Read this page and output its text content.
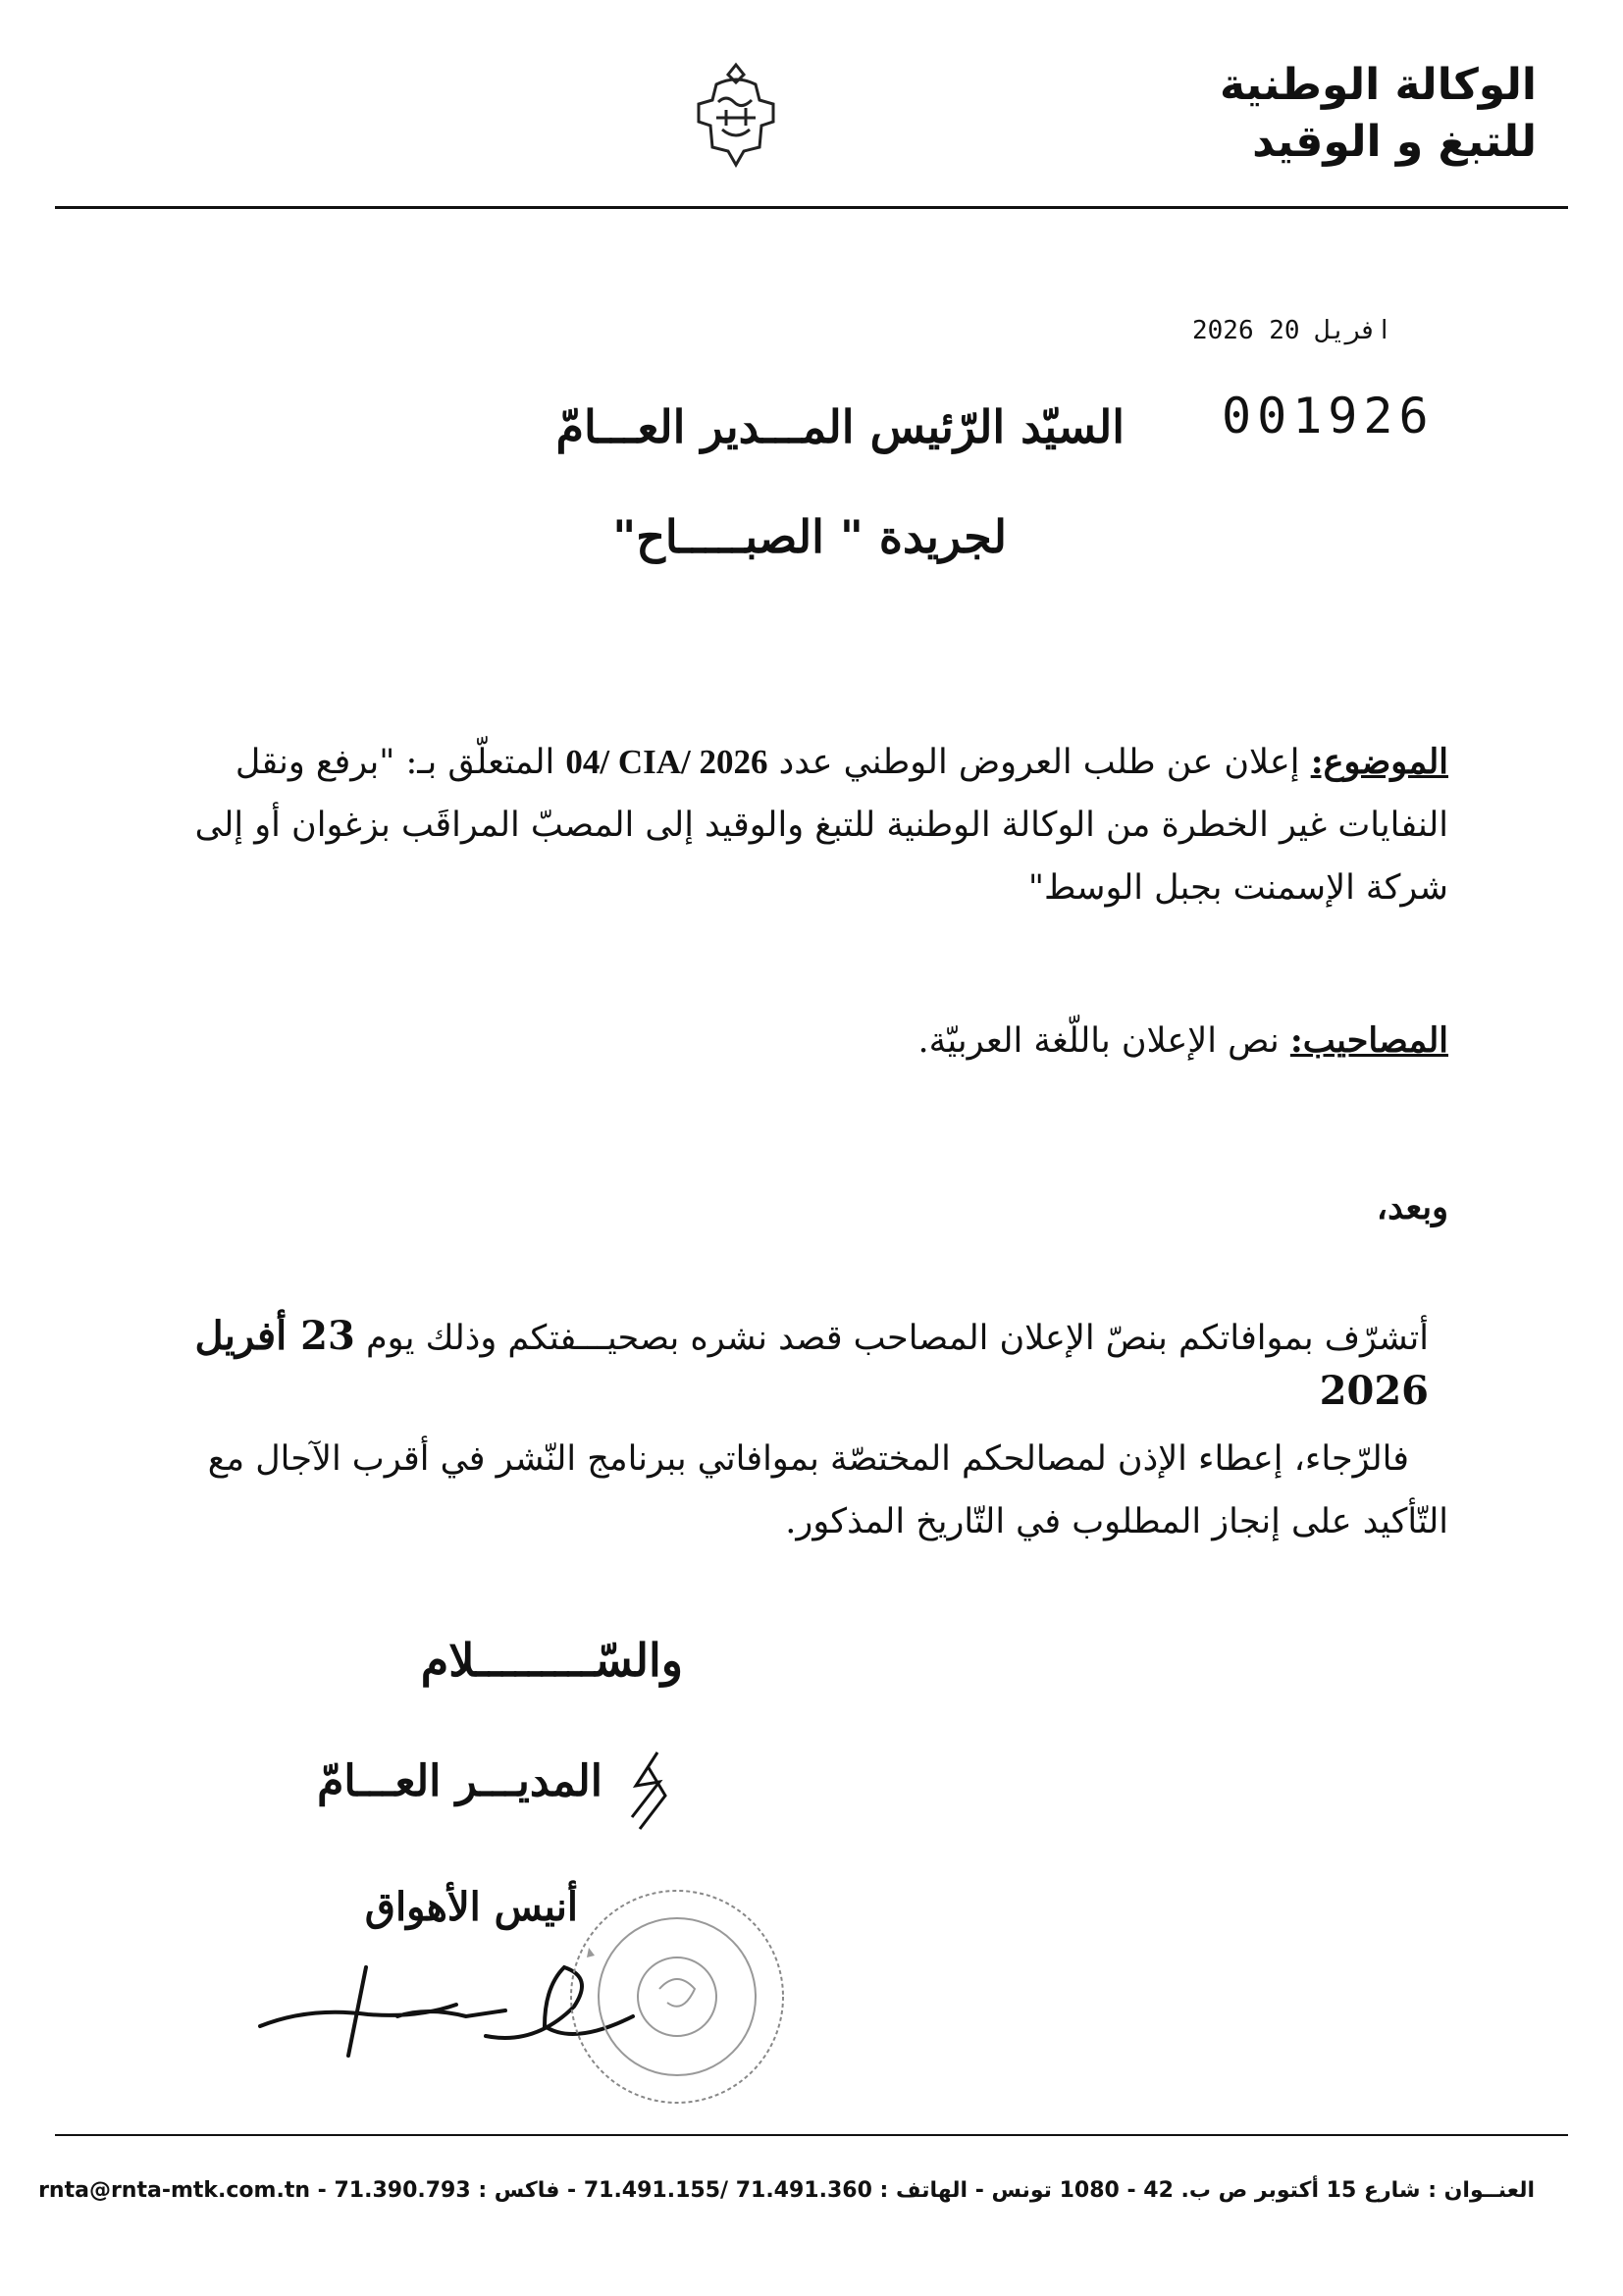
الوكالة الوطنية
للتبغ و الوقيد
2026 افريل 20
001926
السيّد الرّئيس المـــدير العـــامّ
لجريدة " الصبـــــاح"
الموضوع: إعلان عن طلب العروض الوطني عدد 04/ CIA/ 2026 المتعلّق بـ: "برفع ونقل النفايات غير الخطرة من الوكالة الوطنية للتبغ والوقيد إلى المصبّ المراقَب بزغوان أو إلى شركة الإسمنت بجبل الوسط"
المصاحيب: نص الإعلان باللّغة العربيّة.
وبعد،
أتشرّف بموافاتكم بنصّ الإعلان المصاحب قصد نشره بصحيـــفتكم وذلك يوم 23 أفريل 2026
فالرّجاء، إعطاء الإذن لمصالحكم المختصّة بموافاتي ببرنامج النّشر في أقرب الآجال مع التّأكيد على إنجاز المطلوب في التّاريخ المذكور.
والسّـــــــــلام
المديـــر العـــامّ
أنيس الأهواق
العنــوان : شارع 15 أكتوبر ص ب. 42 - 1080 تونس - الهاتف : 71.491.155/ 71.491.360 - فاكس : 71.390.793 - rnta@rnta-mtk.com.tn
